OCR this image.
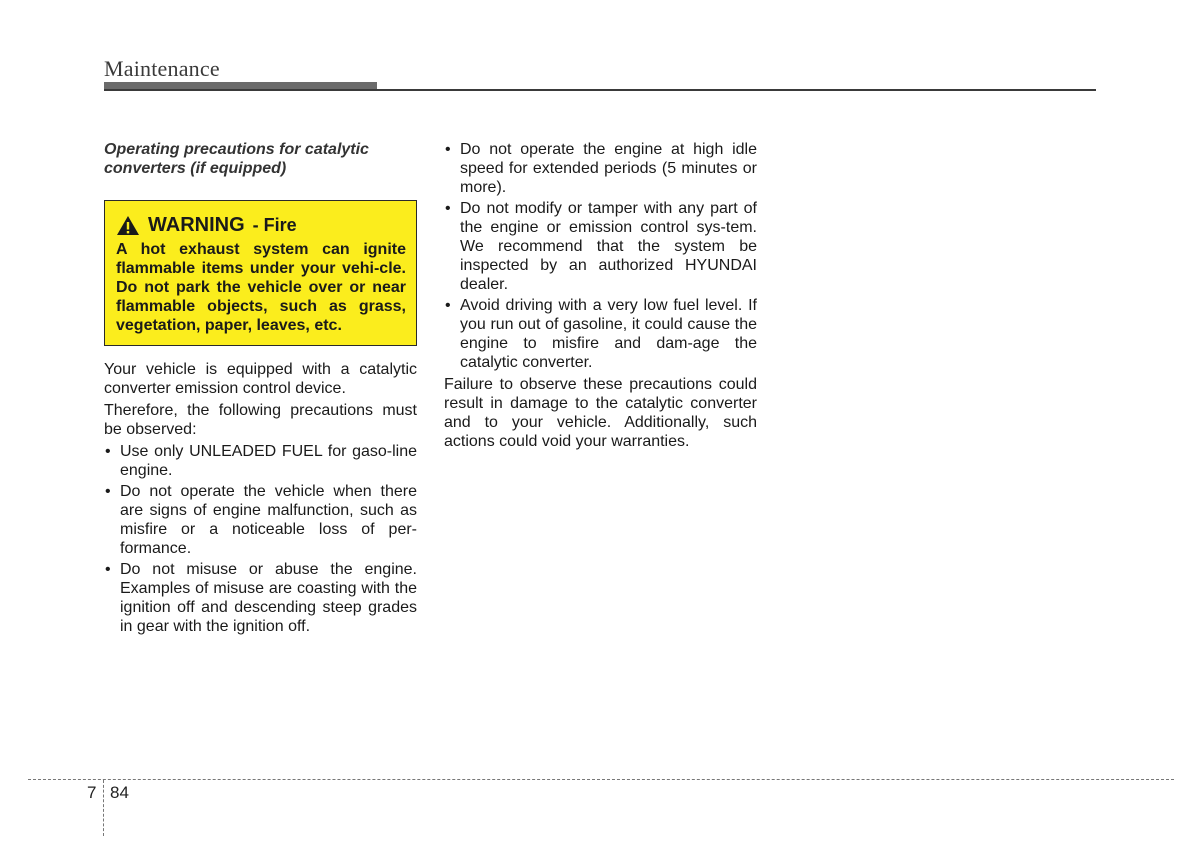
Maintenance
Operating precautions for catalytic converters (if equipped)
WARNING - Fire
A hot exhaust system can ignite flammable items under your vehi-cle. Do not park the vehicle over or near flammable objects, such as grass, vegetation, paper, leaves, etc.

Your vehicle is equipped with a catalytic converter emission control device.

Therefore, the following precautions must be observed:

• Use only UNLEADED FUEL for gaso-line engine.
• Do not operate the vehicle when there are signs of engine malfunction, such as misfire or a noticeable loss of per-formance.
• Do not misuse or abuse the engine. Examples of misuse are coasting with the ignition off and descending steep grades in gear with the ignition off.
• Do not operate the engine at high idle speed for extended periods (5 minutes or more).
• Do not modify or tamper with any part of the engine or emission control sys-tem. We recommend that the system be inspected by an authorized HYUNDAI dealer.
• Avoid driving with a very low fuel level. If you run out of gasoline, it could cause the engine to misfire and dam-age the catalytic converter.

Failure to observe these precautions could result in damage to the catalytic converter and to your vehicle. Additionally, such actions could void your warranties.

7 84
